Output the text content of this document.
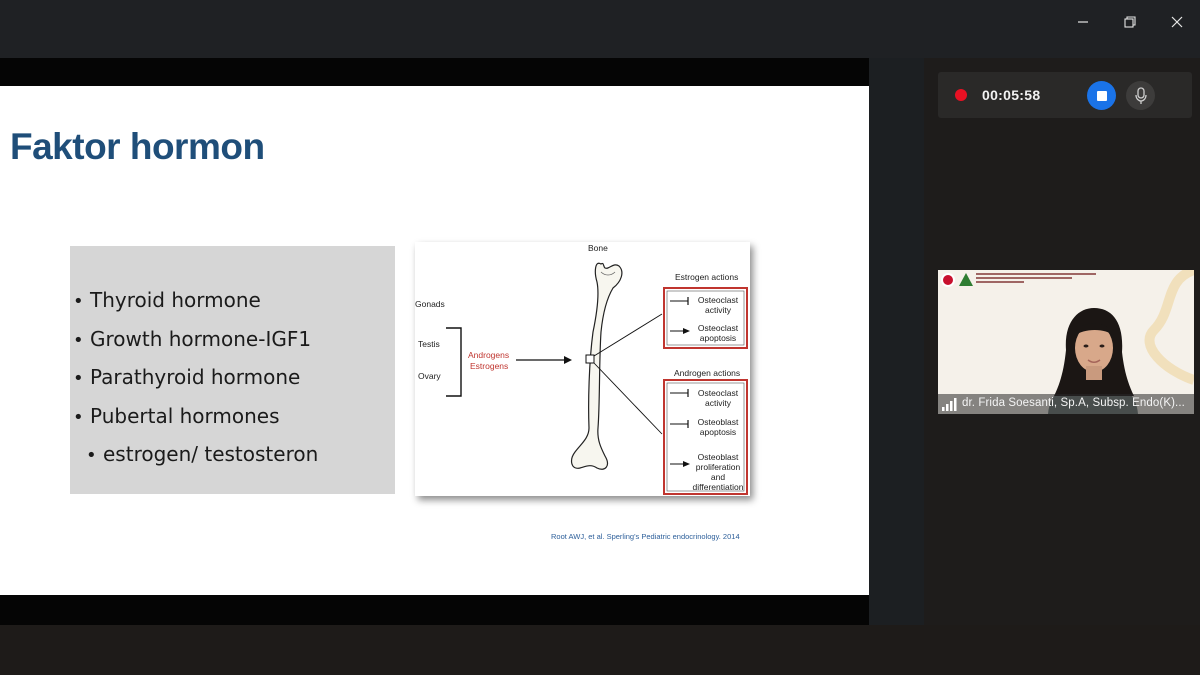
Faktor hormon
• Thyroid hormone
• Growth hormone-IGF1
• Parathyroid hormone
• Pubertal hormones
• estrogen/ testosteron
Bone
Gonads
Testis
Ovary
Androgens
Estrogens
Estrogen actions
Osteoclast activity
Osteoclast apoptosis
Androgen actions
Osteoclast activity
Osteoblast apoptosis
Osteoblast proliferation and differentiation
Root AWJ, et al. Sperling's Pediatric endocrinology. 2014
00:05:58
dr. Frida Soesanti, Sp.A, Subsp. Endo(K)...
